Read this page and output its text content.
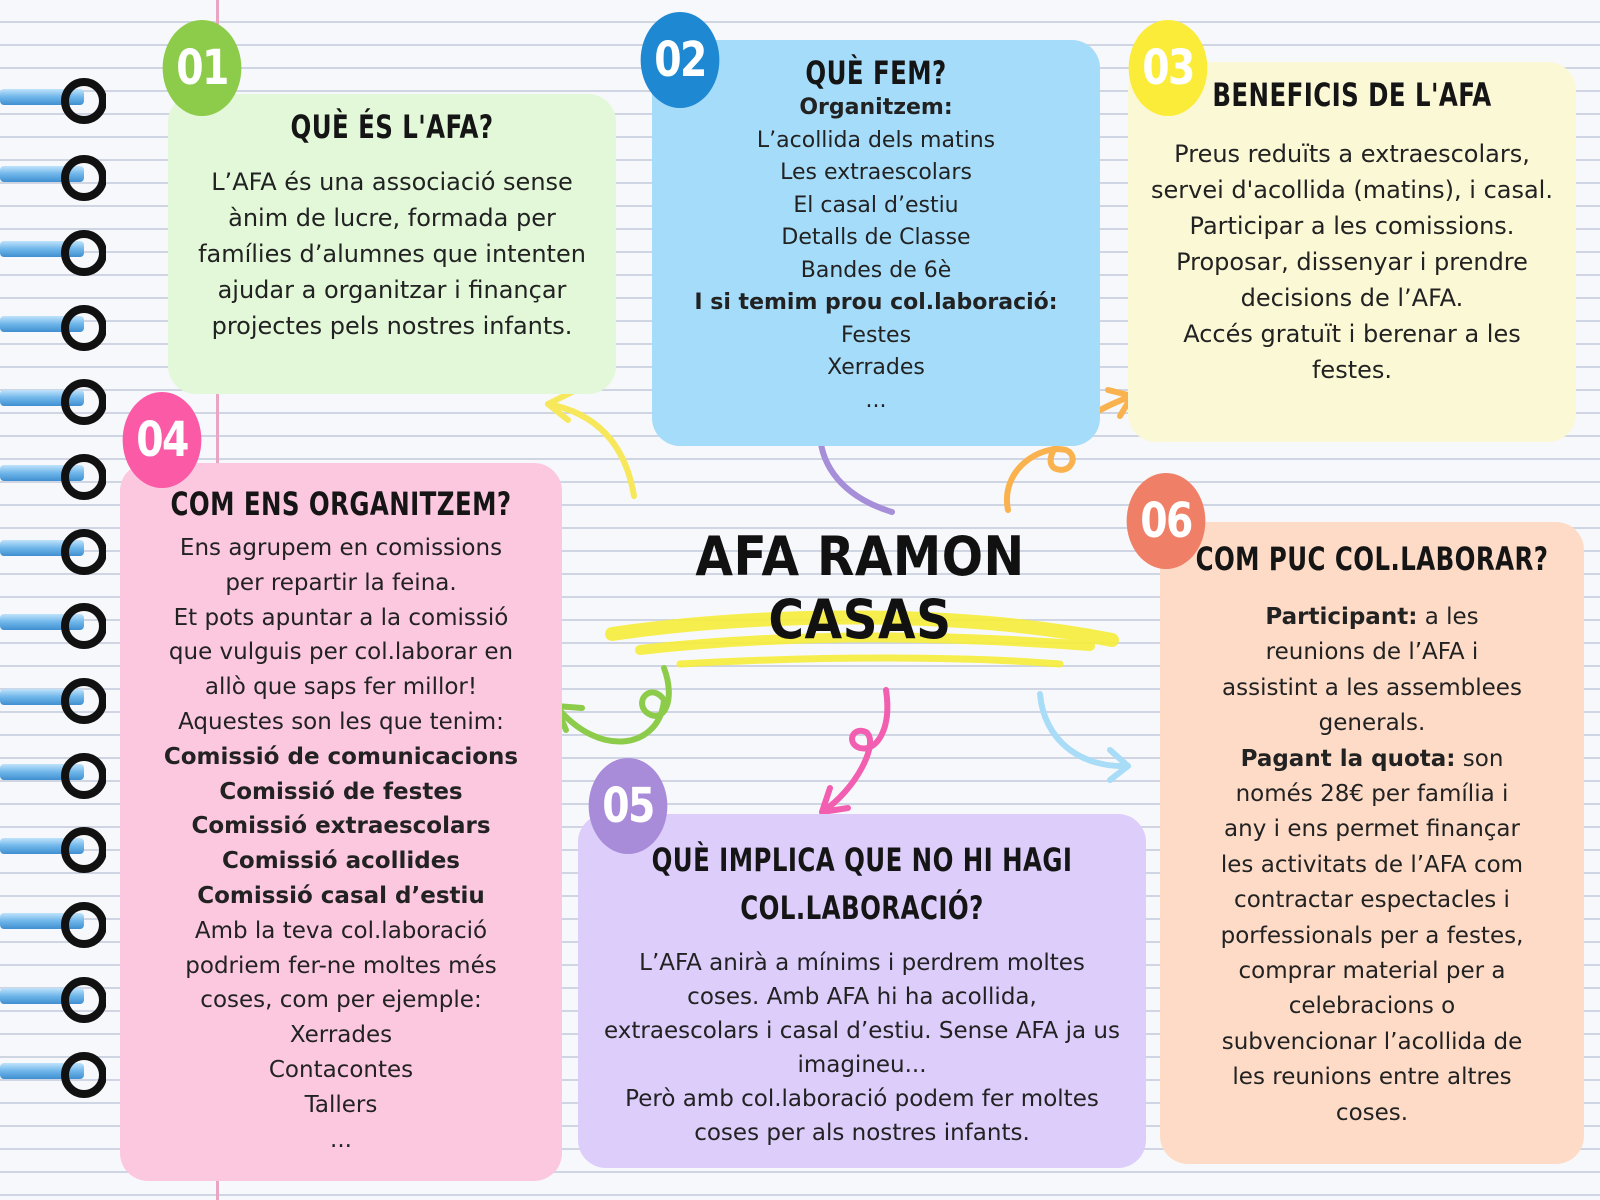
QUÈ ÉS L'AFA?
L’AFA és una associació sense
ànim de lucre, formada per
famílies d’alumnes que intenten
ajudar a organitzar i finançar
projectes pels nostres infants.
QUÈ FEM?
Organitzem:
L’acollida dels matins
Les extraescolars
El casal d’estiu
Detalls de Classe
Bandes de 6è
I si temim prou col.laboració:
Festes
Xerrades
...
BENEFICIS DE L'AFA
Preus reduïts a extraescolars,
servei d'acollida (matins), i casal.
Participar a les comissions.
Proposar, dissenyar i prendre
decisions de l’AFA.
Accés gratuït i berenar a les
festes.
COM ENS ORGANITZEM?
Ens agrupem en comissions
per repartir la feina.
Et pots apuntar a la comissió
que vulguis per col.laborar en
allò que saps fer millor!
Aquestes son les que tenim:
Comissió de comunicacions
Comissió de festes
Comissió extraescolars
Comissió acollides
Comissió casal d’estiu
Amb la teva col.laboració
podriem fer-ne moltes més
coses, com per ejemple:
Xerrades
Contacontes
Tallers
...
QUÈ IMPLICA QUE NO HI HAGI
COL.LABORACIÓ?
L’AFA anirà a mínims i perdrem moltes
coses. Amb AFA hi ha acollida,
extraescolars i casal d’estiu. Sense AFA ja us
imagineu...
Però amb col.laboració podem fer moltes
coses per als nostres infants.
COM PUC COL.LABORAR?
Participant: a les
reunions de l’AFA i
assistint a les assemblees
generals.
Pagant la quota: son
només 28€ per família i
any i ens permet finançar
les activitats de l’AFA com
contractar espectacles i
porfessionals per a festes,
comprar material per a
celebracions o
subvencionar l’acollida de
les reunions entre altres
coses.
01	02	03
04
05
06
AFA RAMON CASAS
